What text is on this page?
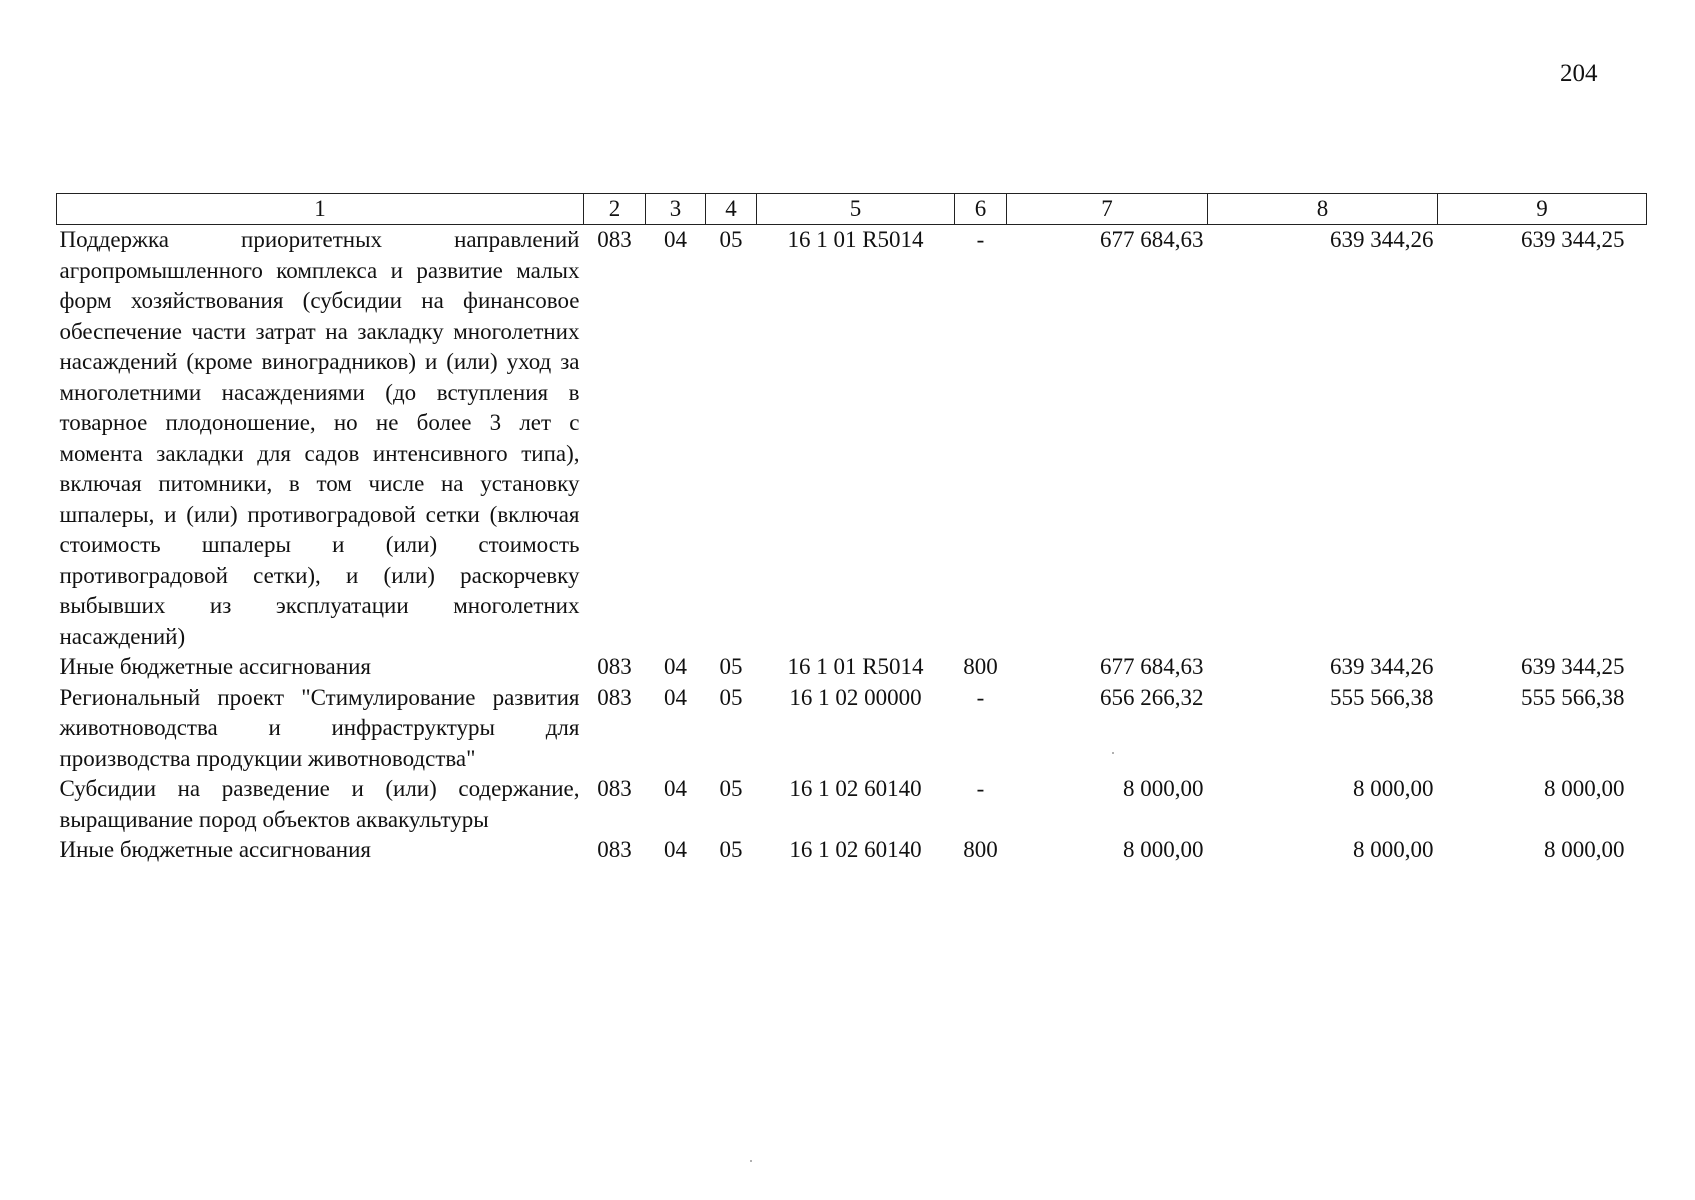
204
1	2	3	4	5	6	7	8	9
Поддержка приоритетных направлений агропромышленного комплекса и развитие малых форм хозяйствования (субсидии на финансовое обеспечение части затрат на закладку многолетних насаждений (кроме виноградников) и (или) уход за многолетними насаждениями (до вступления в товарное плодоношение, но не более 3 лет с момента закладки для садов интенсивного типа), включая питомники, в том числе на установку шпалеры, и (или) противоградовой сетки (включая стоимость шпалеры и (или) стоимость противоградовой сетки), и (или) раскорчевку выбывших из эксплуатации многолетних насаждений)	083	04	05	16 1 01 R5014	-	677 684,63	639 344,26	639 344,25
Иные бюджетные ассигнования	083	04	05	16 1 01 R5014	800	677 684,63	639 344,26	639 344,25
Региональный проект "Стимулирование развития животноводства и инфраструктуры для производства продукции животноводства"	083	04	05	16 1 02 00000	-	656 266,32	555 566,38	555 566,38
Субсидии на разведение и (или) содержание, выращивание пород объектов аквакультуры	083	04	05	16 1 02 60140	-	8 000,00	8 000,00	8 000,00
Иные бюджетные ассигнования	083	04	05	16 1 02 60140	800	8 000,00	8 000,00	8 000,00
